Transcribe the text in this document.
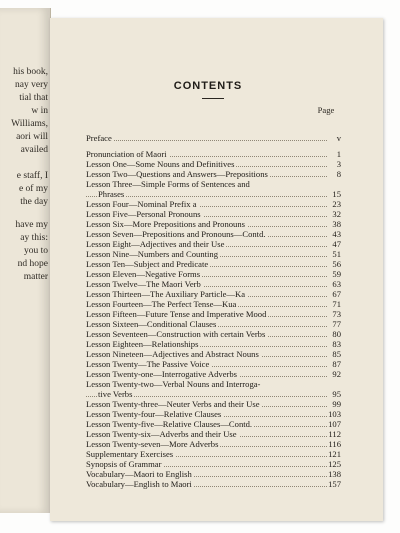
his book,
nay very
tial that
w in
Williams,
aori will
availed
e staff, I
e of my
the day
have my
ay this:
you to
nd hope
matter
CONTENTS
Page
Preface	v
Pronunciation of Maori	1
Lesson One—Some Nouns and Definitives	3
Lesson Two—Questions and Answers—Prepositions	8
Lesson Three—Simple Forms of Sentences and
Phrases	15
Lesson Four—Nominal Prefix a	23
Lesson Five—Personal Pronouns	32
Lesson Six—More Prepositions and Pronouns	38
Lesson Seven—Prepositions and Pronouns—Contd.	43
Lesson Eight—Adjectives and their Use	47
Lesson Nine—Numbers and Counting	51
Lesson Ten—Subject and Predicate	56
Lesson Eleven—Negative Forms	59
Lesson Twelve—The Maori Verb	63
Lesson Thirteen—The Auxiliary Particle—Ka	67
Lesson Fourteen—The Perfect Tense—Kua	71
Lesson Fifteen—Future Tense and Imperative Mood	73
Lesson Sixteen—Conditional Clauses	77
Lesson Seventeen—Construction with certain Verbs	80
Lesson Eighteen—Relationships	83
Lesson Nineteen—Adjectives and Abstract Nouns	85
Lesson Twenty—The Passive Voice	87
Lesson Twenty-one—Interrogative Adverbs	92
Lesson Twenty-two—Verbal Nouns and Interroga-
tive Verbs	95
Lesson Twenty-three—Neuter Verbs and their Use	99
Lesson Twenty-four—Relative Clauses	103
Lesson Twenty-five—Relative Clauses—Contd.	107
Lesson Twenty-six—Adverbs and their Use	112
Lesson Twenty-seven—More Adverbs	116
Supplementary Exercises	121
Synopsis of Grammar	125
Vocabulary—Maori to English	138
Vocabulary—English to Maori	157
